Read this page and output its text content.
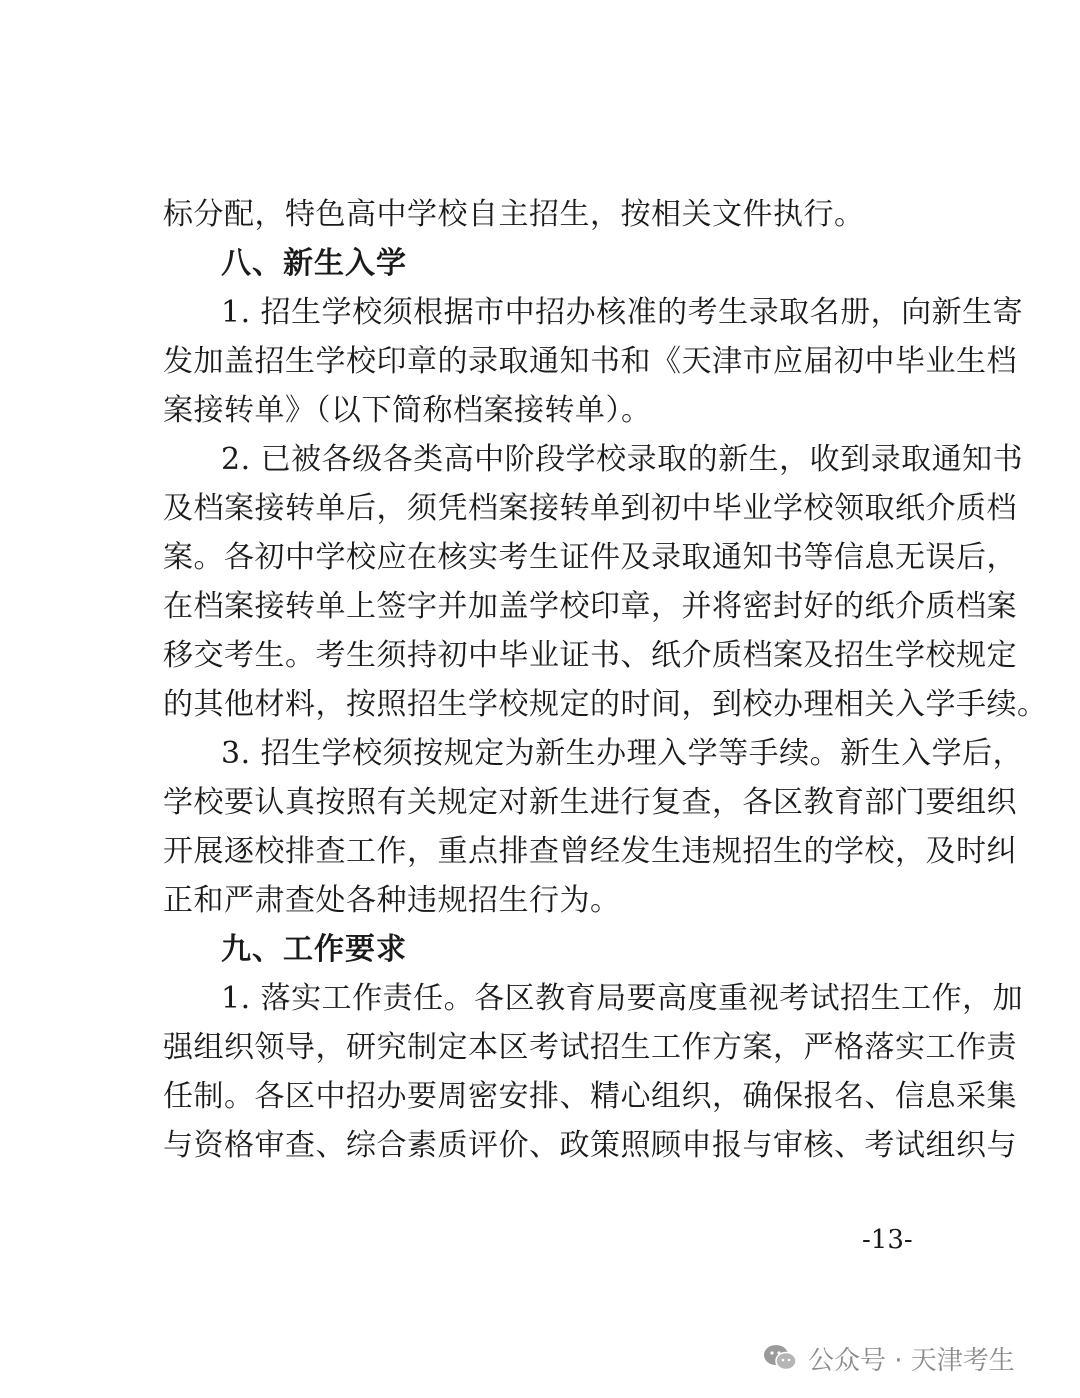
标分配，特色高中学校自主招生，按相关文件执行。
八、新生入学
1. 招生学校须根据市中招办核准的考生录取名册，向新生寄
发加盖招生学校印章的录取通知书和《天津市应届初中毕业生档
案接转单》（以下简称档案接转单）。
2. 已被各级各类高中阶段学校录取的新生，收到录取通知书
及档案接转单后，须凭档案接转单到初中毕业学校领取纸介质档
案。各初中学校应在核实考生证件及录取通知书等信息无误后，
在档案接转单上签字并加盖学校印章，并将密封好的纸介质档案
移交考生。考生须持初中毕业证书、纸介质档案及招生学校规定
的其他材料，按照招生学校规定的时间，到校办理相关入学手续。
3. 招生学校须按规定为新生办理入学等手续。新生入学后，
学校要认真按照有关规定对新生进行复查，各区教育部门要组织
开展逐校排查工作，重点排查曾经发生违规招生的学校，及时纠
正和严肃查处各种违规招生行为。
九、工作要求
1. 落实工作责任。各区教育局要高度重视考试招生工作，加
强组织领导，研究制定本区考试招生工作方案，严格落实工作责
任制。各区中招办要周密安排、精心组织，确保报名、信息采集
与资格审查、综合素质评价、政策照顾申报与审核、考试组织与
-13-
公众号 · 天津考生
